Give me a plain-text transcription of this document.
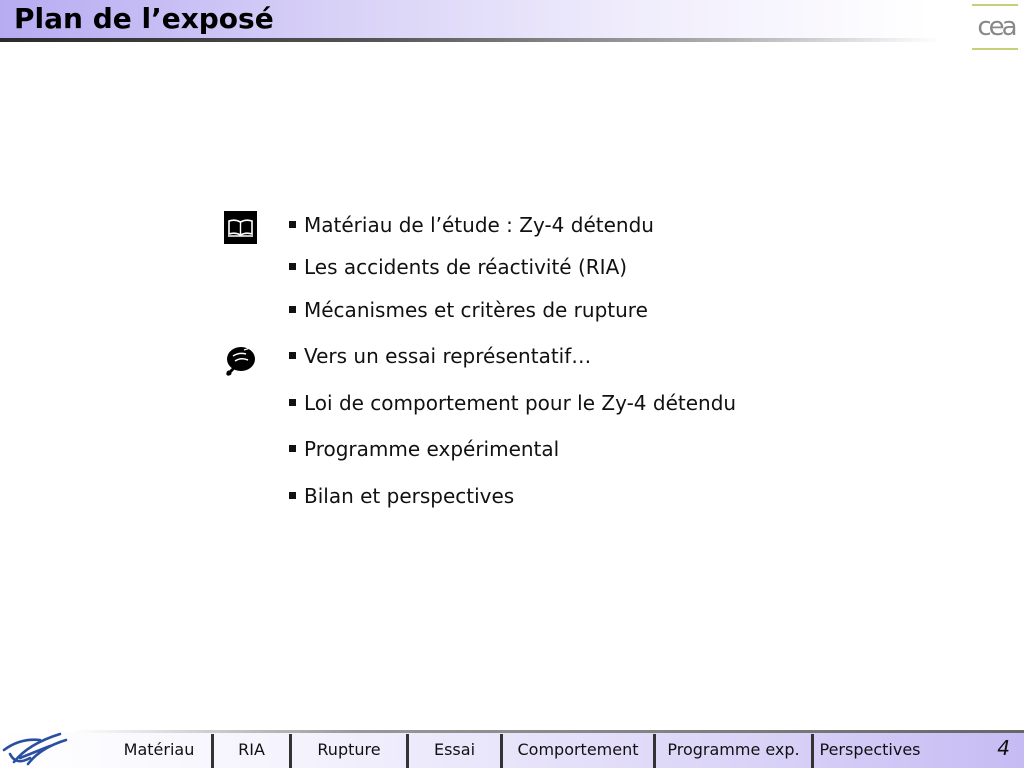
Plan de l’exposé	cea
Matériau de l’étude : Zy-4 détendu
Les accidents de réactivité (RIA)
Mécanismes et critères de rupture
Vers un essai représentatif…
Loi de comportement pour le Zy-4 détendu
Programme expérimental
Bilan et perspectives
Matériau	RIA	Rupture	Essai	Comportement	Programme exp.	Perspectives	4
